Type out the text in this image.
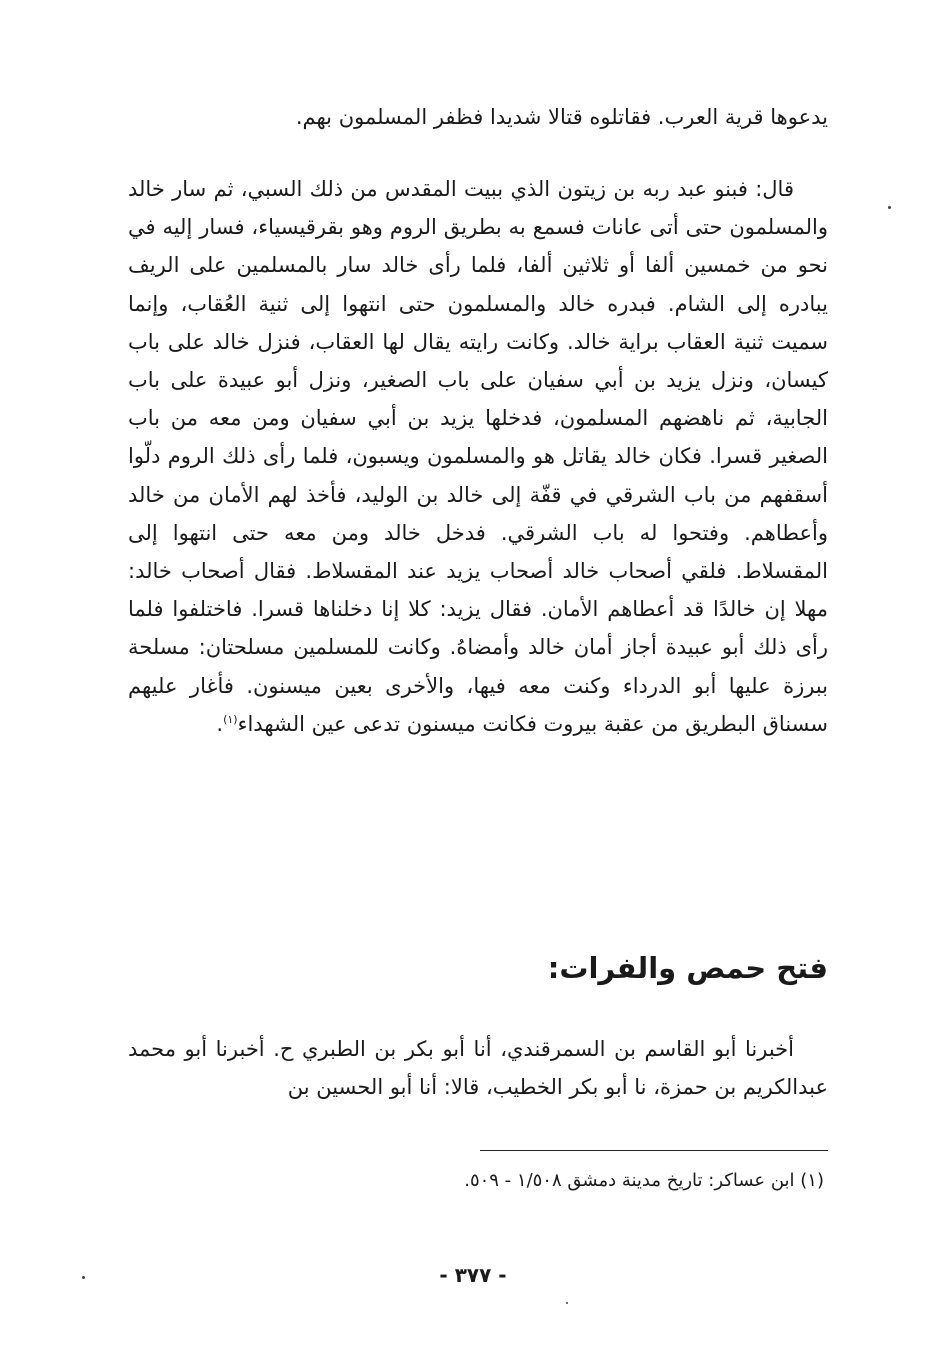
يدعوها قرية العرب. فقاتلوه قتالا شديدا فظفر المسلمون بهم.

قال: فبنو عبد ربه بن زيتون الذي ببيت المقدس من ذلك السبي، ثم سار خالد والمسلمون حتى أتى عانات فسمع به بطريق الروم وهو بقرقيسياء، فسار إليه في نحو من خمسين ألفا أو ثلاثين ألفا، فلما رأى خالد سار بالمسلمين على الريف يبادره إلى الشام. فبدره خالد والمسلمون حتى انتهوا إلى ثنية العُقاب، وإنما سميت ثنية العقاب براية خالد. وكانت رايته يقال لها العقاب، فنزل خالد على باب كيسان، ونزل يزيد بن أبي سفيان على باب الصغير، ونزل أبو عبيدة على باب الجابية، ثم ناهضهم المسلمون، فدخلها يزيد بن أبي سفيان ومن معه من باب الصغير قسرا. فكان خالد يقاتل هو والمسلمون ويسبون، فلما رأى ذلك الروم دلّوا أسقفهم من باب الشرقي في قفّة إلى خالد بن الوليد، فأخذ لهم الأمان من خالد وأعطاهم. وفتحوا له باب الشرقي. فدخل خالد ومن معه حتى انتهوا إلى المقسلاط. فلقي أصحاب خالد أصحاب يزيد عند المقسلاط. فقال أصحاب خالد: مهلا إن خالدًا قد أعطاهم الأمان. فقال يزيد: كلا إنا دخلناها قسرا. فاختلفوا فلما رأى ذلك أبو عبيدة أجاز أمان خالد وأمضاهُ. وكانت للمسلمين مسلحتان: مسلحة ببرزة عليها أبو الدرداء وكنت معه فيها، والأخرى بعين ميسنون. فأغار عليهم سسناق البطريق من عقبة بيروت فكانت ميسنون تدعى عين الشهداء$^{(١)}$.

فتح حمص والفرات:

أخبرنا أبو القاسم بن السمرقندي، أنا أبو بكر بن الطبري ح. أخبرنا أبو محمد عبدالكريم بن حمزة، نا أبو بكر الخطيب، قالا: أنا أبو الحسين بن

(١) ابن عساكر: تاريخ مدينة دمشق ١/٥٠٨ - ٥٠٩.

- ٣٧٧ -
